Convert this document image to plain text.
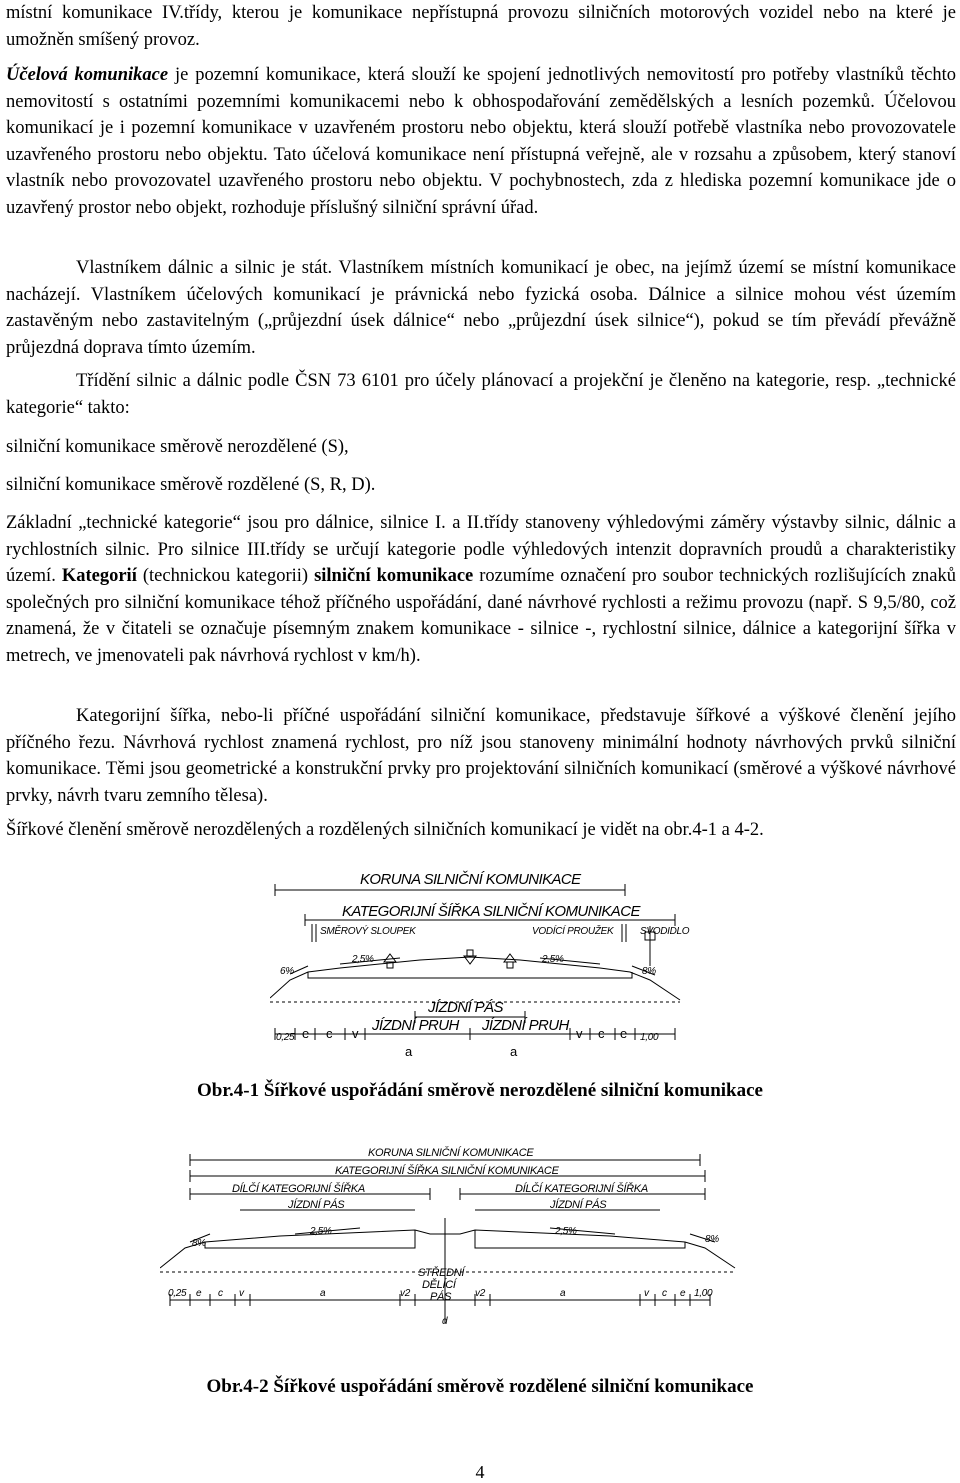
místní komunikace IV.třídy, kterou je komunikace nepřístupná provozu silničních motorových vozidel nebo na které je umožněn smíšený provoz.

Účelová komunikace je pozemní komunikace, která slouží ke spojení jednotlivých nemovitostí pro potřeby vlastníků těchto nemovitostí s ostatními pozemními komunikacemi nebo k obhospodařování zemědělských a lesních pozemků. Účelovou komunikací je i pozemní komunikace v uzavřeném prostoru nebo objektu, která slouží potřebě vlastníka nebo provozovatele uzavřeného prostoru nebo objektu. Tato účelová komunikace není přístupná veřejně, ale v rozsahu a způsobem, který stanoví vlastník nebo provozovatel uzavřeného prostoru nebo objektu. V pochybnostech, zda z hlediska pozemní komunikace jde o uzavřený prostor nebo objekt, rozhoduje příslušný silniční správní úřad.

Vlastníkem dálnic a silnic je stát. Vlastníkem místních komunikací je obec, na jejímž území se místní komunikace nacházejí. Vlastníkem účelových komunikací je právnická nebo fyzická osoba. Dálnice a silnice mohou vést územím zastavěným nebo zastavitelným („průjezdní úsek dálnice“ nebo „průjezdní úsek silnice“), pokud se tím převádí převážně průjezdná doprava tímto územím.

Třídění silnic a dálnic podle ČSN 73 6101 pro účely plánovací a projekční je členěno na kategorie, resp. „technické kategorie“ takto:

silniční komunikace směrově nerozdělené (S),

silniční komunikace směrově rozdělené (S, R, D).

Základní „technické kategorie“ jsou pro dálnice, silnice I. a II.třídy stanoveny výhledovými záměry výstavby silnic, dálnic a rychlostních silnic. Pro silnice III.třídy se určují kategorie podle výhledových intenzit dopravních proudů a charakteristiky území. Kategorií (technickou kategorii) silniční komunikace rozumíme označení pro soubor technických rozlišujících znaků společných pro silniční komunikace téhož příčného uspořádání, dané návrhové rychlosti a režimu provozu (např. S 9,5/80, což znamená, že v čitateli se označuje písemným znakem komunikace - silnice -, rychlostní silnice, dálnice a kategorijní šířka v metrech, ve jmenovateli pak návrhová rychlost v km/h).

Kategorijní šířka, nebo-li příčné uspořádání silniční komunikace, představuje šířkové a výškové členění jejího příčného řezu. Návrhová rychlost znamená rychlost, pro níž jsou stanoveny minimální hodnoty návrhových prvků silniční komunikace. Těmi jsou geometrické a konstrukční prvky pro projektování silničních komunikací (směrové a výškové návrhové prvky, návrh tvaru zemního tělesa).

Šířkové členění směrově nerozdělených a rozdělených silničních komunikací je vidět na obr.4-1 a 4-2.

KORUNA SILNIČNÍ KOMUNIKACE
KATEGORIJNÍ ŠÍŘKA SILNIČNÍ KOMUNIKACE
SMĚROVÝ SLOUPEK	VODÍCÍ PROUŽEK	SVODIDLO
6%
2,5%	2,5%
8%
JÍZDNÍ PÁS
JÍZDNÍ PRUH JÍZDNÍ PRUH
0,25 e c v	v c e 1,00
a	a
Obr.4-1 Šířkové uspořádání směrově nerozdělené silniční komunikace
KORUNA SILNIČNÍ KOMUNIKACE
KATEGORIJNÍ ŠÍŘKA SILNIČNÍ KOMUNIKACE
DÍLČÍ KATEGORIJNÍ ŠÍŘKA	DÍLČÍ KATEGORIJNÍ ŠÍŘKA
JÍZDNÍ PÁS	JÍZDNÍ PÁS
8%
2,5%	2,5%
8%
STŘEDNÍ
DĚLÍCÍ
PÁS
0,25 e c v	a	v2	v2	a	v c e 1,00
d
Obr.4-2 Šířkové uspořádání směrově rozdělené silniční komunikace
4
